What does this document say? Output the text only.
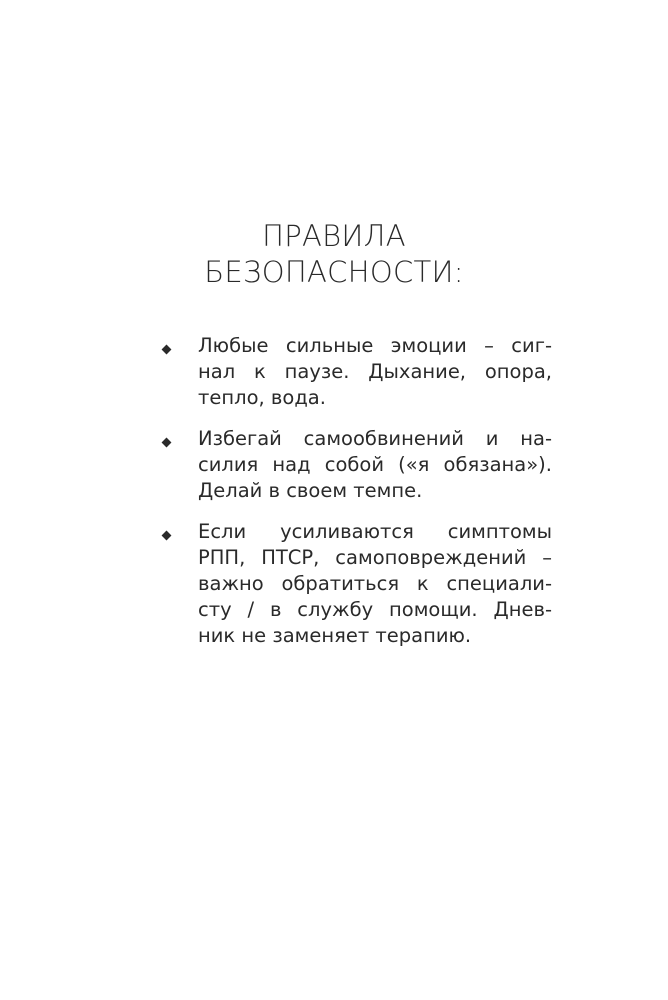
ПРАВИЛА
БЕЗОПАСНОСТИ:
Любые сильные эмоции – сиг-
нал к паузе. Дыхание, опора,
тепло, вода.
Избегай самообвинений и на-
силия над собой («я обязана»).
Делай в своем темпе.
Если усиливаются симптомы
РПП, ПТСР, самоповреждений –
важно обратиться к специали-
сту / в службу помощи. Днев-
ник не заменяет терапию.
